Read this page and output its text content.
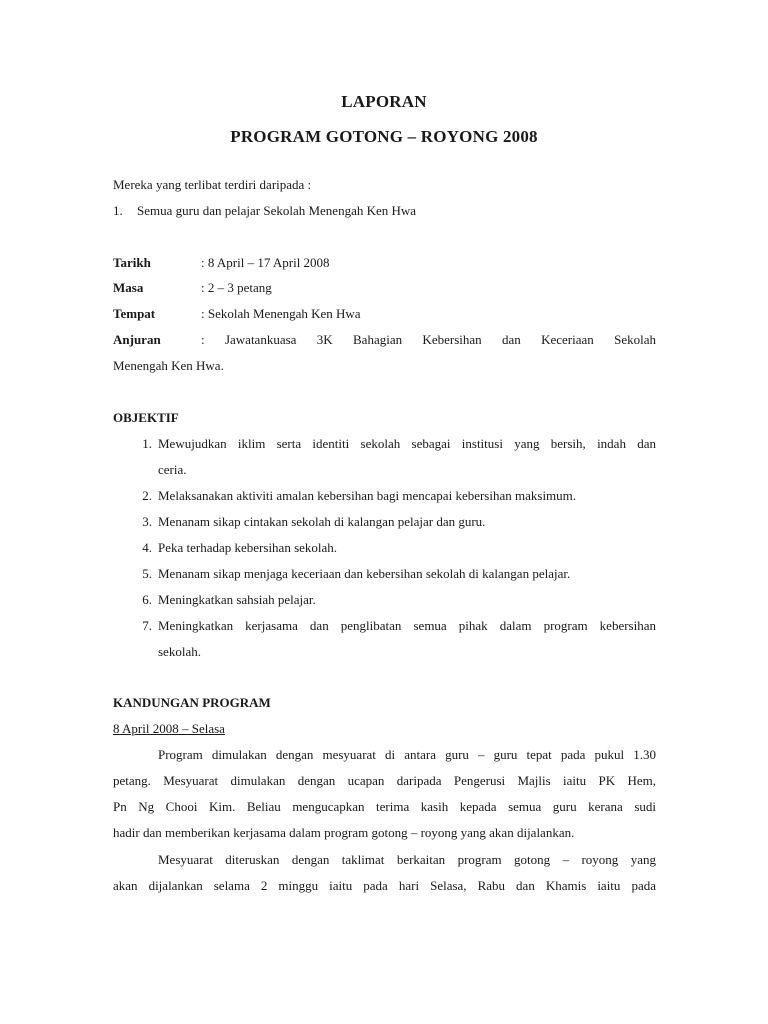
LAPORAN
PROGRAM GOTONG – ROYONG 2008
Mereka yang terlibat terdiri daripada :
1. Semua guru dan pelajar Sekolah Menengah Ken Hwa
Tarikh	: 8 April – 17 April 2008
Masa	: 2 – 3 petang
Tempat	: Sekolah Menengah Ken Hwa
Anjuran	: Jawatankuasa 3K Bahagian Kebersihan dan Keceriaan Sekolah
Menengah Ken Hwa.
OBJEKTIF
1. Mewujudkan iklim serta identiti sekolah sebagai institusi yang bersih, indah dan
ceria.
2. Melaksanakan aktiviti amalan kebersihan bagi mencapai kebersihan maksimum.
3. Menanam sikap cintakan sekolah di kalangan pelajar dan guru.
4. Peka terhadap kebersihan sekolah.
5. Menanam sikap menjaga keceriaan dan kebersihan sekolah di kalangan pelajar.
6. Meningkatkan sahsiah pelajar.
7. Meningkatkan kerjasama dan penglibatan semua pihak dalam program kebersihan
sekolah.
KANDUNGAN PROGRAM
8 April 2008 – Selasa
Program dimulakan dengan mesyuarat di antara guru – guru tepat pada pukul 1.30
petang. Mesyuarat dimulakan dengan ucapan daripada Pengerusi Majlis iaitu PK Hem,
Pn Ng Chooi Kim. Beliau mengucapkan terima kasih kepada semua guru kerana sudi
hadir dan memberikan kerjasama dalam program gotong – royong yang akan dijalankan.
Mesyuarat diteruskan dengan taklimat berkaitan program gotong – royong yang
akan dijalankan selama 2 minggu iaitu pada hari Selasa, Rabu dan Khamis iaitu pada
